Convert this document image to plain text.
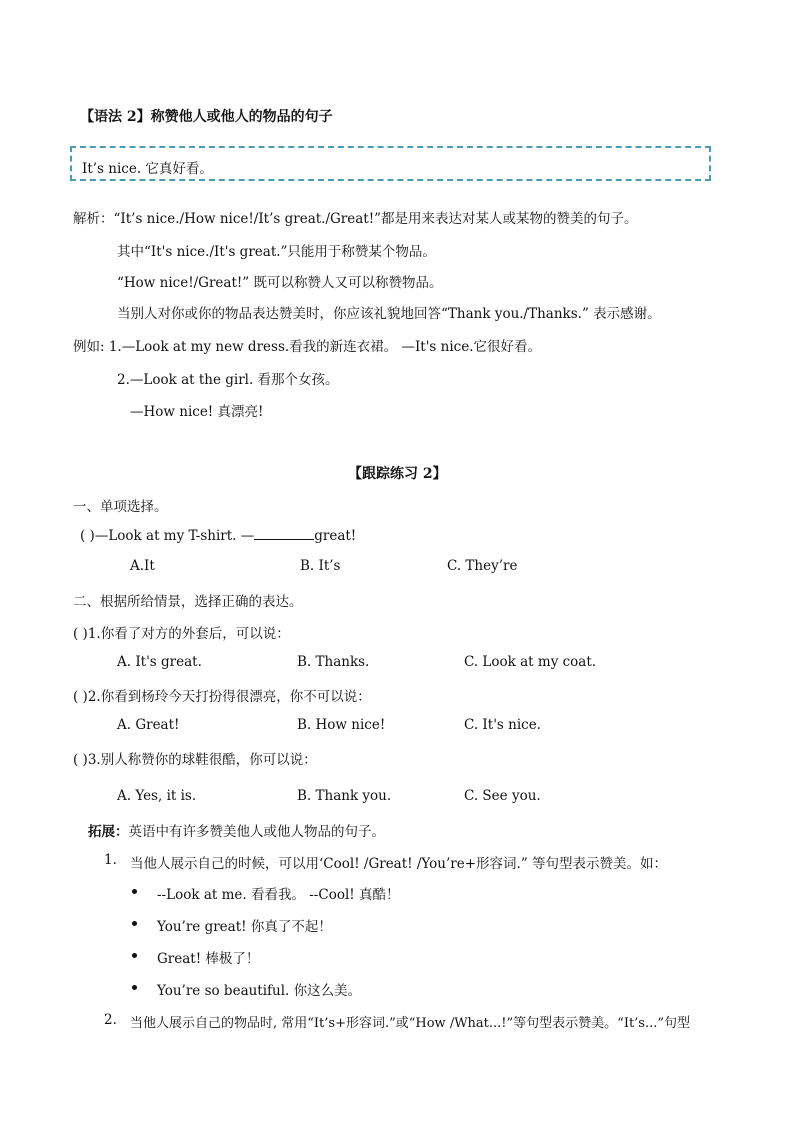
【语法 2】称赞他人或他人的物品的句子
It’s nice. 它真好看。
解析：“It’s nice./How nice!/It’s great./Great!”都是用来表达对某人或某物的赞美的句子。
其中“It's nice./It's great.”只能用于称赞某个物品。
“How nice!/Great!” 既可以称赞人又可以称赞物品。
当别人对你或你的物品表达赞美时，你应该礼貌地回答“Thank you./Thanks.” 表示感谢。
例如: 1.—Look at my new dress.看我的新连衣裙。 —It's nice.它很好看。
2.—Look at the girl. 看那个女孩。
—How nice! 真漂亮!
【跟踪练习 2】
一、单项选择。
( )—Look at my T-shirt. —	great!
A.It	B. It’s	C. They’re
二、根据所给情景，选择正确的表达。
( )1.你看了对方的外套后，可以说：
A. It's great.	B. Thanks.	C. Look at my coat.
( )2.你看到杨玲今天打扮得很漂亮，你不可以说：
A. Great!	B. How nice!	C. It's nice.
( )3.别人称赞你的球鞋很酷，你可以说：
A. Yes, it is.	B. Thank you.	C. See you.
拓展：英语中有许多赞美他人或他人物品的句子。
1. 当他人展示自己的时候，可以用‘Cool! /Great! /You’re+形容词.” 等句型表示赞美。如：
--Look at me. 看看我。 --Cool! 真酷！
You’re great! 你真了不起！
Great! 棒极了！
You’re so beautiful. 你这么美。
2. 当他人展示自己的物品时, 常用“It’s+形容词.”或“How /What...!”等句型表示赞美。“It’s...”句型
